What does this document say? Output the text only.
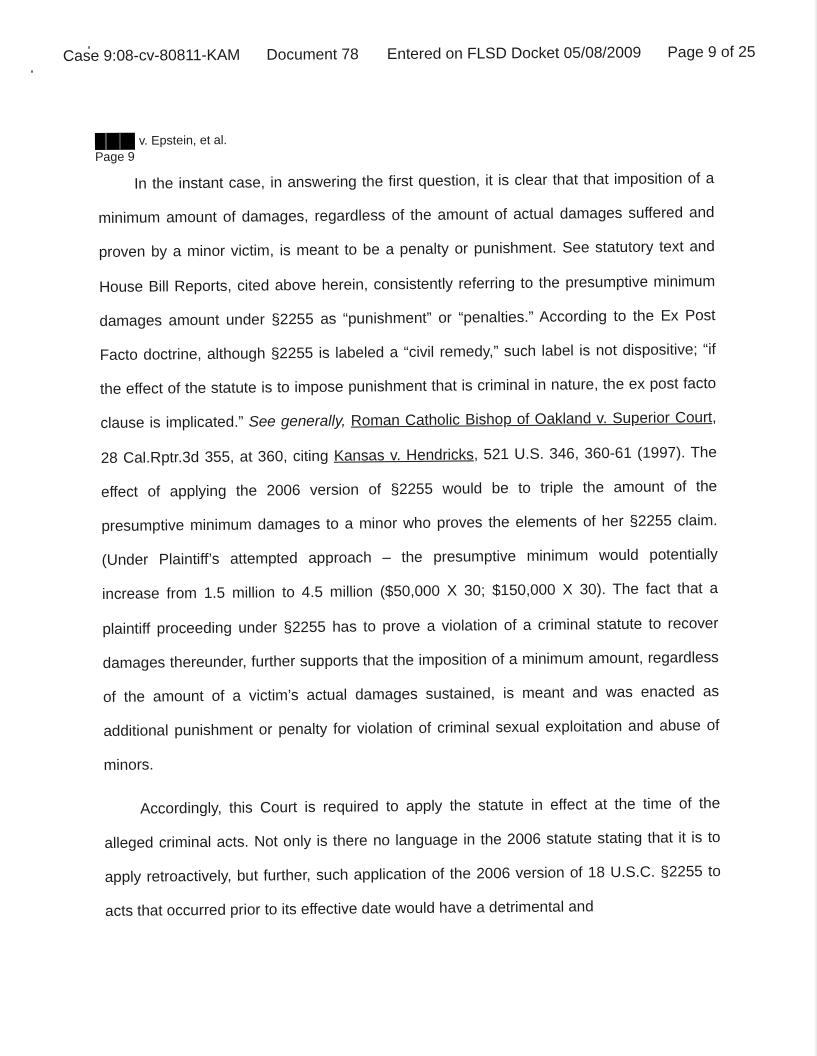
Case 9:08-cv-80811-KAM Document 78 Entered on FLSD Docket 05/08/2009 Page 9 of 25
v. Epstein, et al.
Page 9

In the instant case, in answering the first question, it is clear that that imposition of a minimum amount of damages, regardless of the amount of actual damages suffered and proven by a minor victim, is meant to be a penalty or punishment. See statutory text and House Bill Reports, cited above herein, consistently referring to the presumptive minimum damages amount under §2255 as “punishment” or “penalties.” According to the Ex Post Facto doctrine, although §2255 is labeled a “civil remedy,” such label is not dispositive; “if the effect of the statute is to impose punishment that is criminal in nature, the ex post facto clause is implicated.” See generally, Roman Catholic Bishop of Oakland v. Superior Court, 28 Cal.Rptr.3d 355, at 360, citing Kansas v. Hendricks, 521 U.S. 346, 360-61 (1997). The effect of applying the 2006 version of §2255 would be to triple the amount of the presumptive minimum damages to a minor who proves the elements of her §2255 claim. (Under Plaintiff’s attempted approach – the presumptive minimum would potentially increase from 1.5 million to 4.5 million ($50,000 X 30; $150,000 X 30). The fact that a plaintiff proceeding under §2255 has to prove a violation of a criminal statute to recover damages thereunder, further supports that the imposition of a minimum amount, regardless of the amount of a victim’s actual damages sustained, is meant and was enacted as additional punishment or penalty for violation of criminal sexual exploitation and abuse of minors.

Accordingly, this Court is required to apply the statute in effect at the time of the alleged criminal acts. Not only is there no language in the 2006 statute stating that it is to apply retroactively, but further, such application of the 2006 version of 18 U.S.C. §2255 to acts that occurred prior to its effective date would have a detrimental and
